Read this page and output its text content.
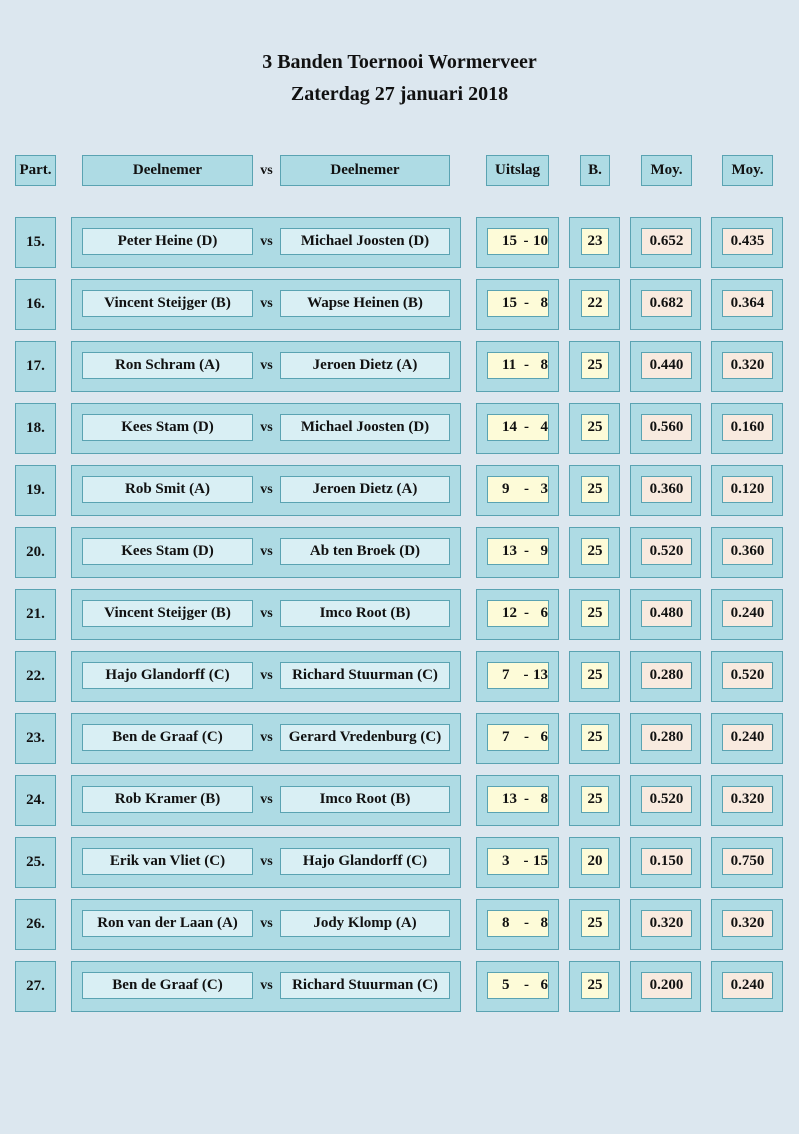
3 Banden Toernooi Wormerveer
Zaterdag 27 januari 2018
Part.	Deelnemer	vs	Deelnemer	Uitslag	B.	Moy.	Moy.
15.	Peter Heine (D)	vs	Michael Joosten (D)	15 - 10	23	0.652	0.435
16.	Vincent Steijger (B)	vs	Wapse Heinen (B)	15 - 8	22	0.682	0.364
17.	Ron Schram (A)	vs	Jeroen Dietz (A)	11 - 8	25	0.440	0.320
18.	Kees Stam (D)	vs	Michael Joosten (D)	14 - 4	25	0.560	0.160
19.	Rob Smit (A)	vs	Jeroen Dietz (A)	9 - 3	25	0.360	0.120
20.	Kees Stam (D)	vs	Ab ten Broek (D)	13 - 9	25	0.520	0.360
21.	Vincent Steijger (B)	vs	Imco Root (B)	12 - 6	25	0.480	0.240
22.	Hajo Glandorff (C)	vs	Richard Stuurman (C)	7 - 13	25	0.280	0.520
23.	Ben de Graaf (C)	vs	Gerard Vredenburg (C)	7 - 6	25	0.280	0.240
24.	Rob Kramer (B)	vs	Imco Root (B)	13 - 8	25	0.520	0.320
25.	Erik van Vliet (C)	vs	Hajo Glandorff (C)	3 - 15	20	0.150	0.750
26.	Ron van der Laan (A)	vs	Jody Klomp (A)	8 - 8	25	0.320	0.320
27.	Ben de Graaf (C)	vs	Richard Stuurman (C)	5 - 6	25	0.200	0.240
